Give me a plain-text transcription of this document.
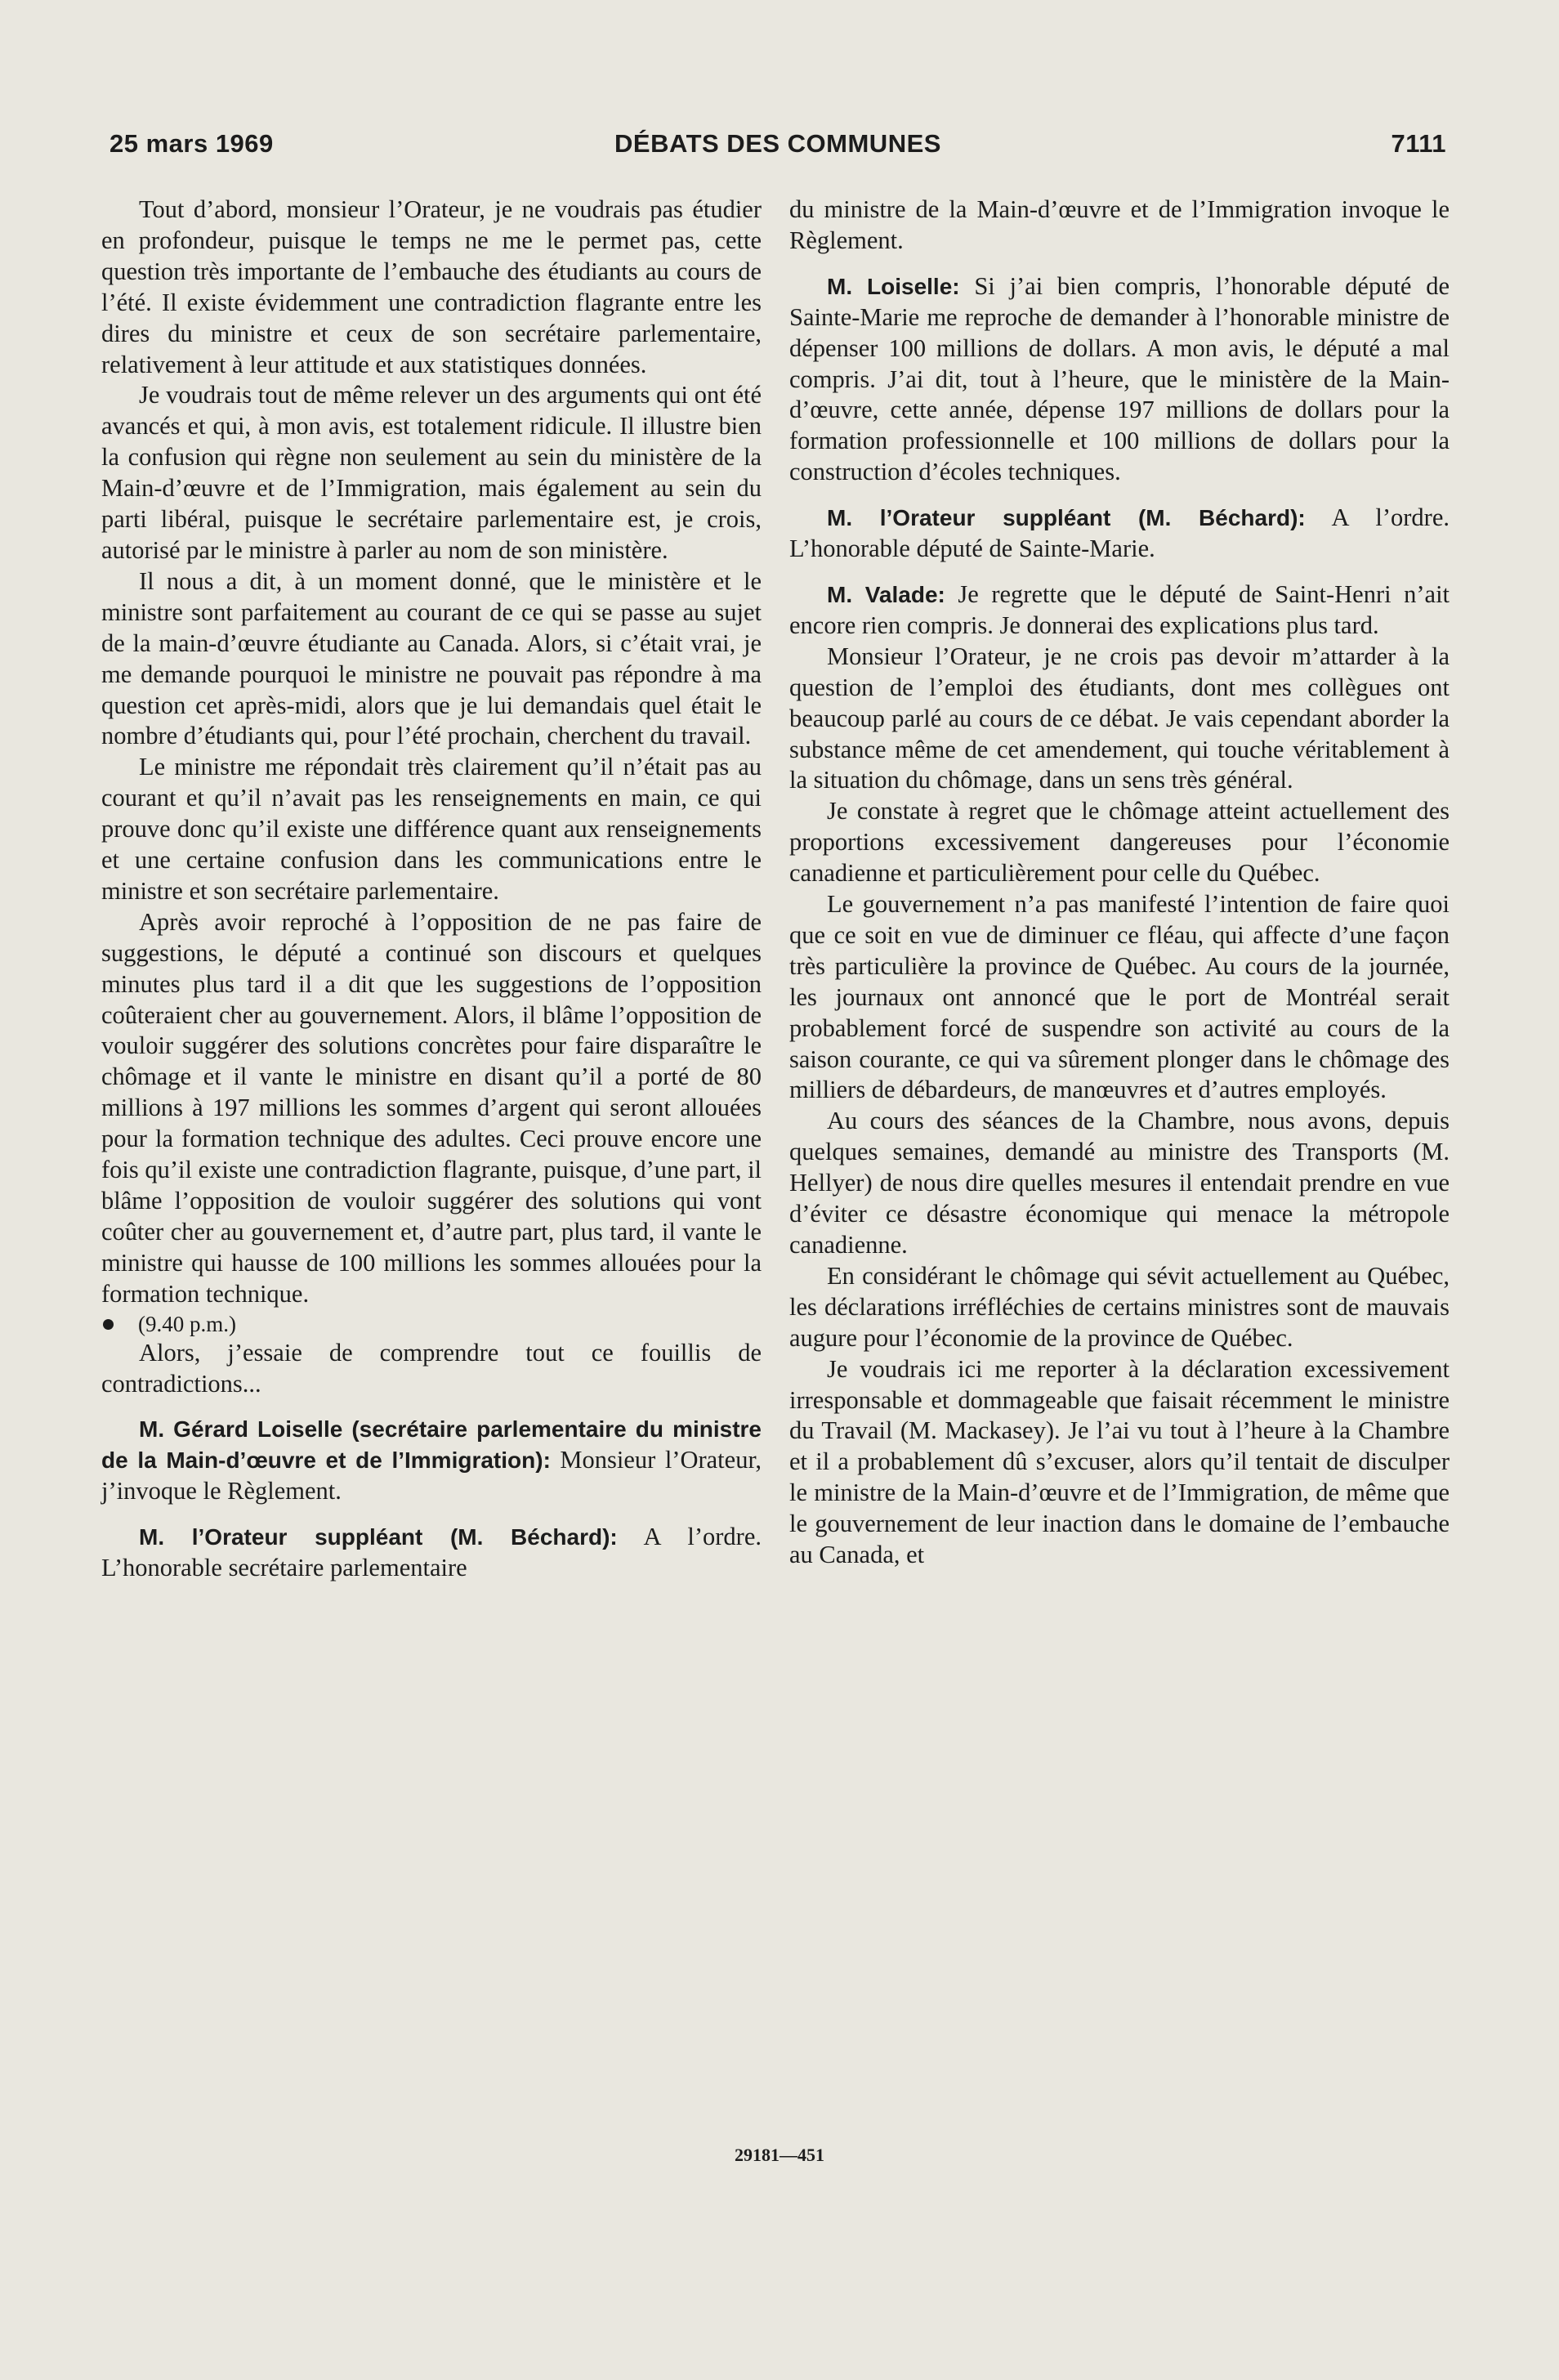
25 mars 1969	DÉBATS DES COMMUNES	7111

Tout d’abord, monsieur l’Orateur, je ne voudrais pas étudier en profondeur, puisque le temps ne me le permet pas, cette question très importante de l’embauche des étudiants au cours de l’été. Il existe évidemment une contradiction flagrante entre les dires du ministre et ceux de son secrétaire parlementaire, relativement à leur attitude et aux statistiques données.

Je voudrais tout de même relever un des arguments qui ont été avancés et qui, à mon avis, est totalement ridicule. Il illustre bien la confusion qui règne non seulement au sein du ministère de la Main-d’œuvre et de l’Immigration, mais également au sein du parti libéral, puisque le secrétaire parlementaire est, je crois, autorisé par le ministre à parler au nom de son ministère.

Il nous a dit, à un moment donné, que le ministère et le ministre sont parfaitement au courant de ce qui se passe au sujet de la main-d’œuvre étudiante au Canada. Alors, si c’était vrai, je me demande pourquoi le ministre ne pouvait pas répondre à ma question cet après-midi, alors que je lui demandais quel était le nombre d’étudiants qui, pour l’été prochain, cherchent du travail.

Le ministre me répondait très clairement qu’il n’était pas au courant et qu’il n’avait pas les renseignements en main, ce qui prouve donc qu’il existe une différence quant aux renseignements et une certaine confusion dans les communications entre le ministre et son secrétaire parlementaire.

Après avoir reproché à l’opposition de ne pas faire de suggestions, le député a continué son discours et quelques minutes plus tard il a dit que les suggestions de l’opposition coûteraient cher au gouvernement. Alors, il blâme l’opposition de vouloir suggérer des solutions concrètes pour faire disparaître le chômage et il vante le ministre en disant qu’il a porté de 80 millions à 197 millions les sommes d’argent qui seront allouées pour la formation technique des adultes. Ceci prouve encore une fois qu’il existe une contradiction flagrante, puisque, d’une part, il blâme l’opposition de vouloir suggérer des solutions qui vont coûter cher au gouvernement et, d’autre part, plus tard, il vante le ministre qui hausse de 100 millions les sommes allouées pour la formation technique.

(9.40 p.m.)

Alors, j’essaie de comprendre tout ce fouillis de contradictions...

M. Gérard Loiselle (secrétaire parlementaire du ministre de la Main-d’œuvre et de l’Immigration): Monsieur l’Orateur, j’invoque le Règlement.

M. l’Orateur suppléant (M. Béchard): A l’ordre. L’honorable secrétaire parlementaire

du ministre de la Main-d’œuvre et de l’Immigration invoque le Règlement.

M. Loiselle: Si j’ai bien compris, l’honorable député de Sainte-Marie me reproche de demander à l’honorable ministre de dépenser 100 millions de dollars. A mon avis, le député a mal compris. J’ai dit, tout à l’heure, que le ministère de la Main-d’œuvre, cette année, dépense 197 millions de dollars pour la formation professionnelle et 100 millions de dollars pour la construction d’écoles techniques.

M. l’Orateur suppléant (M. Béchard): A l’ordre. L’honorable député de Sainte-Marie.

M. Valade: Je regrette que le député de Saint-Henri n’ait encore rien compris. Je donnerai des explications plus tard.

Monsieur l’Orateur, je ne crois pas devoir m’attarder à la question de l’emploi des étudiants, dont mes collègues ont beaucoup parlé au cours de ce débat. Je vais cependant aborder la substance même de cet amendement, qui touche véritablement à la situation du chômage, dans un sens très général.

Je constate à regret que le chômage atteint actuellement des proportions excessivement dangereuses pour l’économie canadienne et particulièrement pour celle du Québec.

Le gouvernement n’a pas manifesté l’intention de faire quoi que ce soit en vue de diminuer ce fléau, qui affecte d’une façon très particulière la province de Québec. Au cours de la journée, les journaux ont annoncé que le port de Montréal serait probablement forcé de suspendre son activité au cours de la saison courante, ce qui va sûrement plonger dans le chômage des milliers de débardeurs, de manœuvres et d’autres employés.

Au cours des séances de la Chambre, nous avons, depuis quelques semaines, demandé au ministre des Transports (M. Hellyer) de nous dire quelles mesures il entendait prendre en vue d’éviter ce désastre économique qui menace la métropole canadienne.

En considérant le chômage qui sévit actuellement au Québec, les déclarations irréfléchies de certains ministres sont de mauvais augure pour l’économie de la province de Québec.

Je voudrais ici me reporter à la déclaration excessivement irresponsable et dommageable que faisait récemment le ministre du Travail (M. Mackasey). Je l’ai vu tout à l’heure à la Chambre et il a probablement dû s’excuser, alors qu’il tentait de disculper le ministre de la Main-d’œuvre et de l’Immigration, de même que le gouvernement de leur inaction dans le domaine de l’embauche au Canada, et

29181—451
